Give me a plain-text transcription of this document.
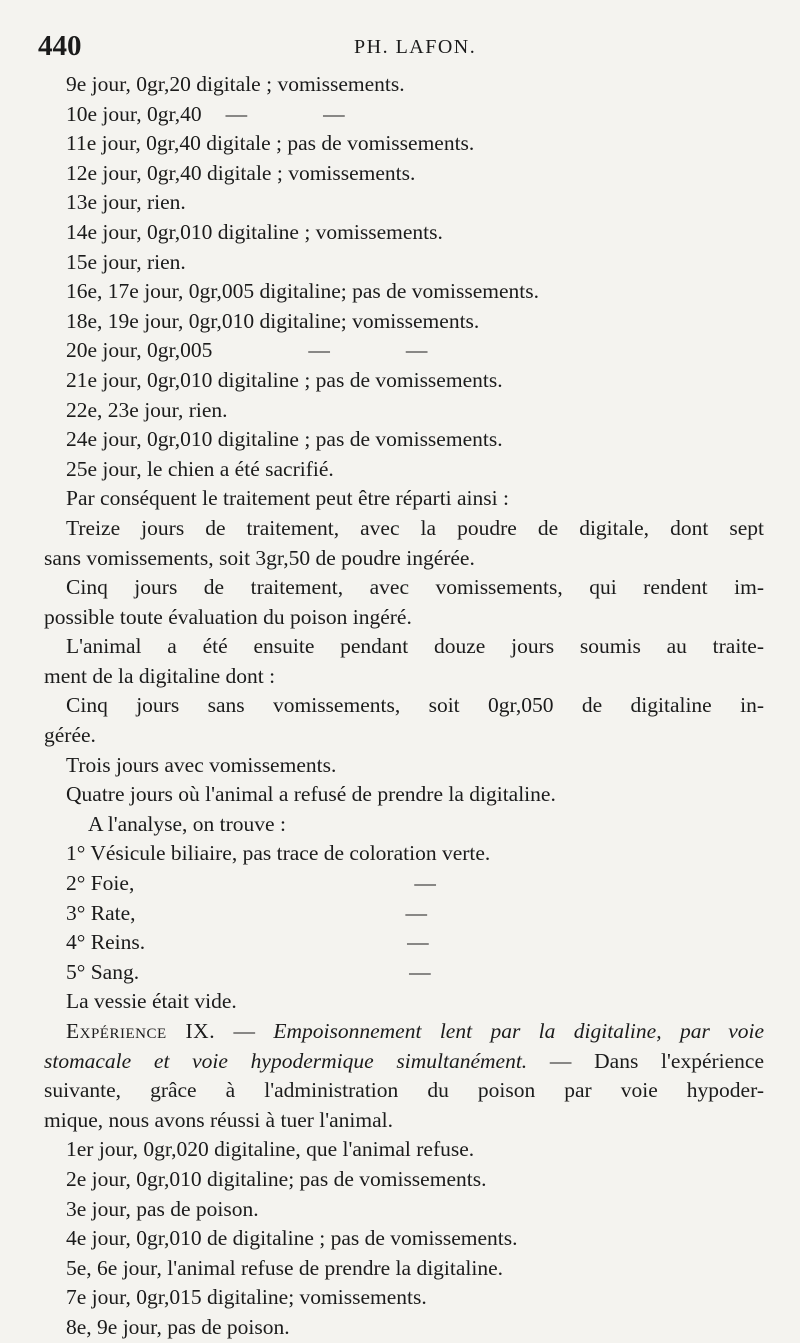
440	PH. LAFON.
9e jour, 0gr,20 digitale ; vomissements.
10e jour, 0gr,40 —	—
11e jour, 0gr,40 digitale ; pas de vomissements.
12e jour, 0gr,40 digitale ; vomissements.
13e jour, rien.
14e jour, 0gr,010 digitaline ; vomissements.
15e jour, rien.
16e, 17e jour, 0gr,005 digitaline; pas de vomissements.
18e, 19e jour, 0gr,010 digitaline; vomissements.
20e jour, 0gr,005	—	—
21e jour, 0gr,010 digitaline ; pas de vomissements.
22e, 23e jour, rien.
24e jour, 0gr,010 digitaline ; pas de vomissements.
25e jour, le chien a été sacrifié.
Par conséquent le traitement peut être réparti ainsi :
Treize jours de traitement, avec la poudre de digitale, dont sept
sans vomissements, soit 3gr,50 de poudre ingérée.
Cinq jours de traitement, avec vomissements, qui rendent im-
possible toute évaluation du poison ingéré.
L'animal a été ensuite pendant douze jours soumis au traite-
ment de la digitaline dont :
Cinq jours sans vomissements, soit 0gr,050 de digitaline in-
gérée.
Trois jours avec vomissements.
Quatre jours où l'animal a refusé de prendre la digitaline.
A l'analyse, on trouve :
1° Vésicule biliaire, pas trace de coloration verte.
2° Foie,	—
3° Rate,	—
4° Reins.	—
5° Sang.	—
La vessie était vide.
Expérience IX. — Empoisonnement lent par la digitaline, par voie
stomacale et voie hypodermique simultanément. — Dans l'expérience
suivante, grâce à l'administration du poison par voie hypoder-
mique, nous avons réussi à tuer l'animal.
1er jour, 0gr,020 digitaline, que l'animal refuse.
2e jour, 0gr,010 digitaline; pas de vomissements.
3e jour, pas de poison.
4e jour, 0gr,010 de digitaline ; pas de vomissements.
5e, 6e jour, l'animal refuse de prendre la digitaline.
7e jour, 0gr,015 digitaline; vomissements.
8e, 9e jour, pas de poison.
